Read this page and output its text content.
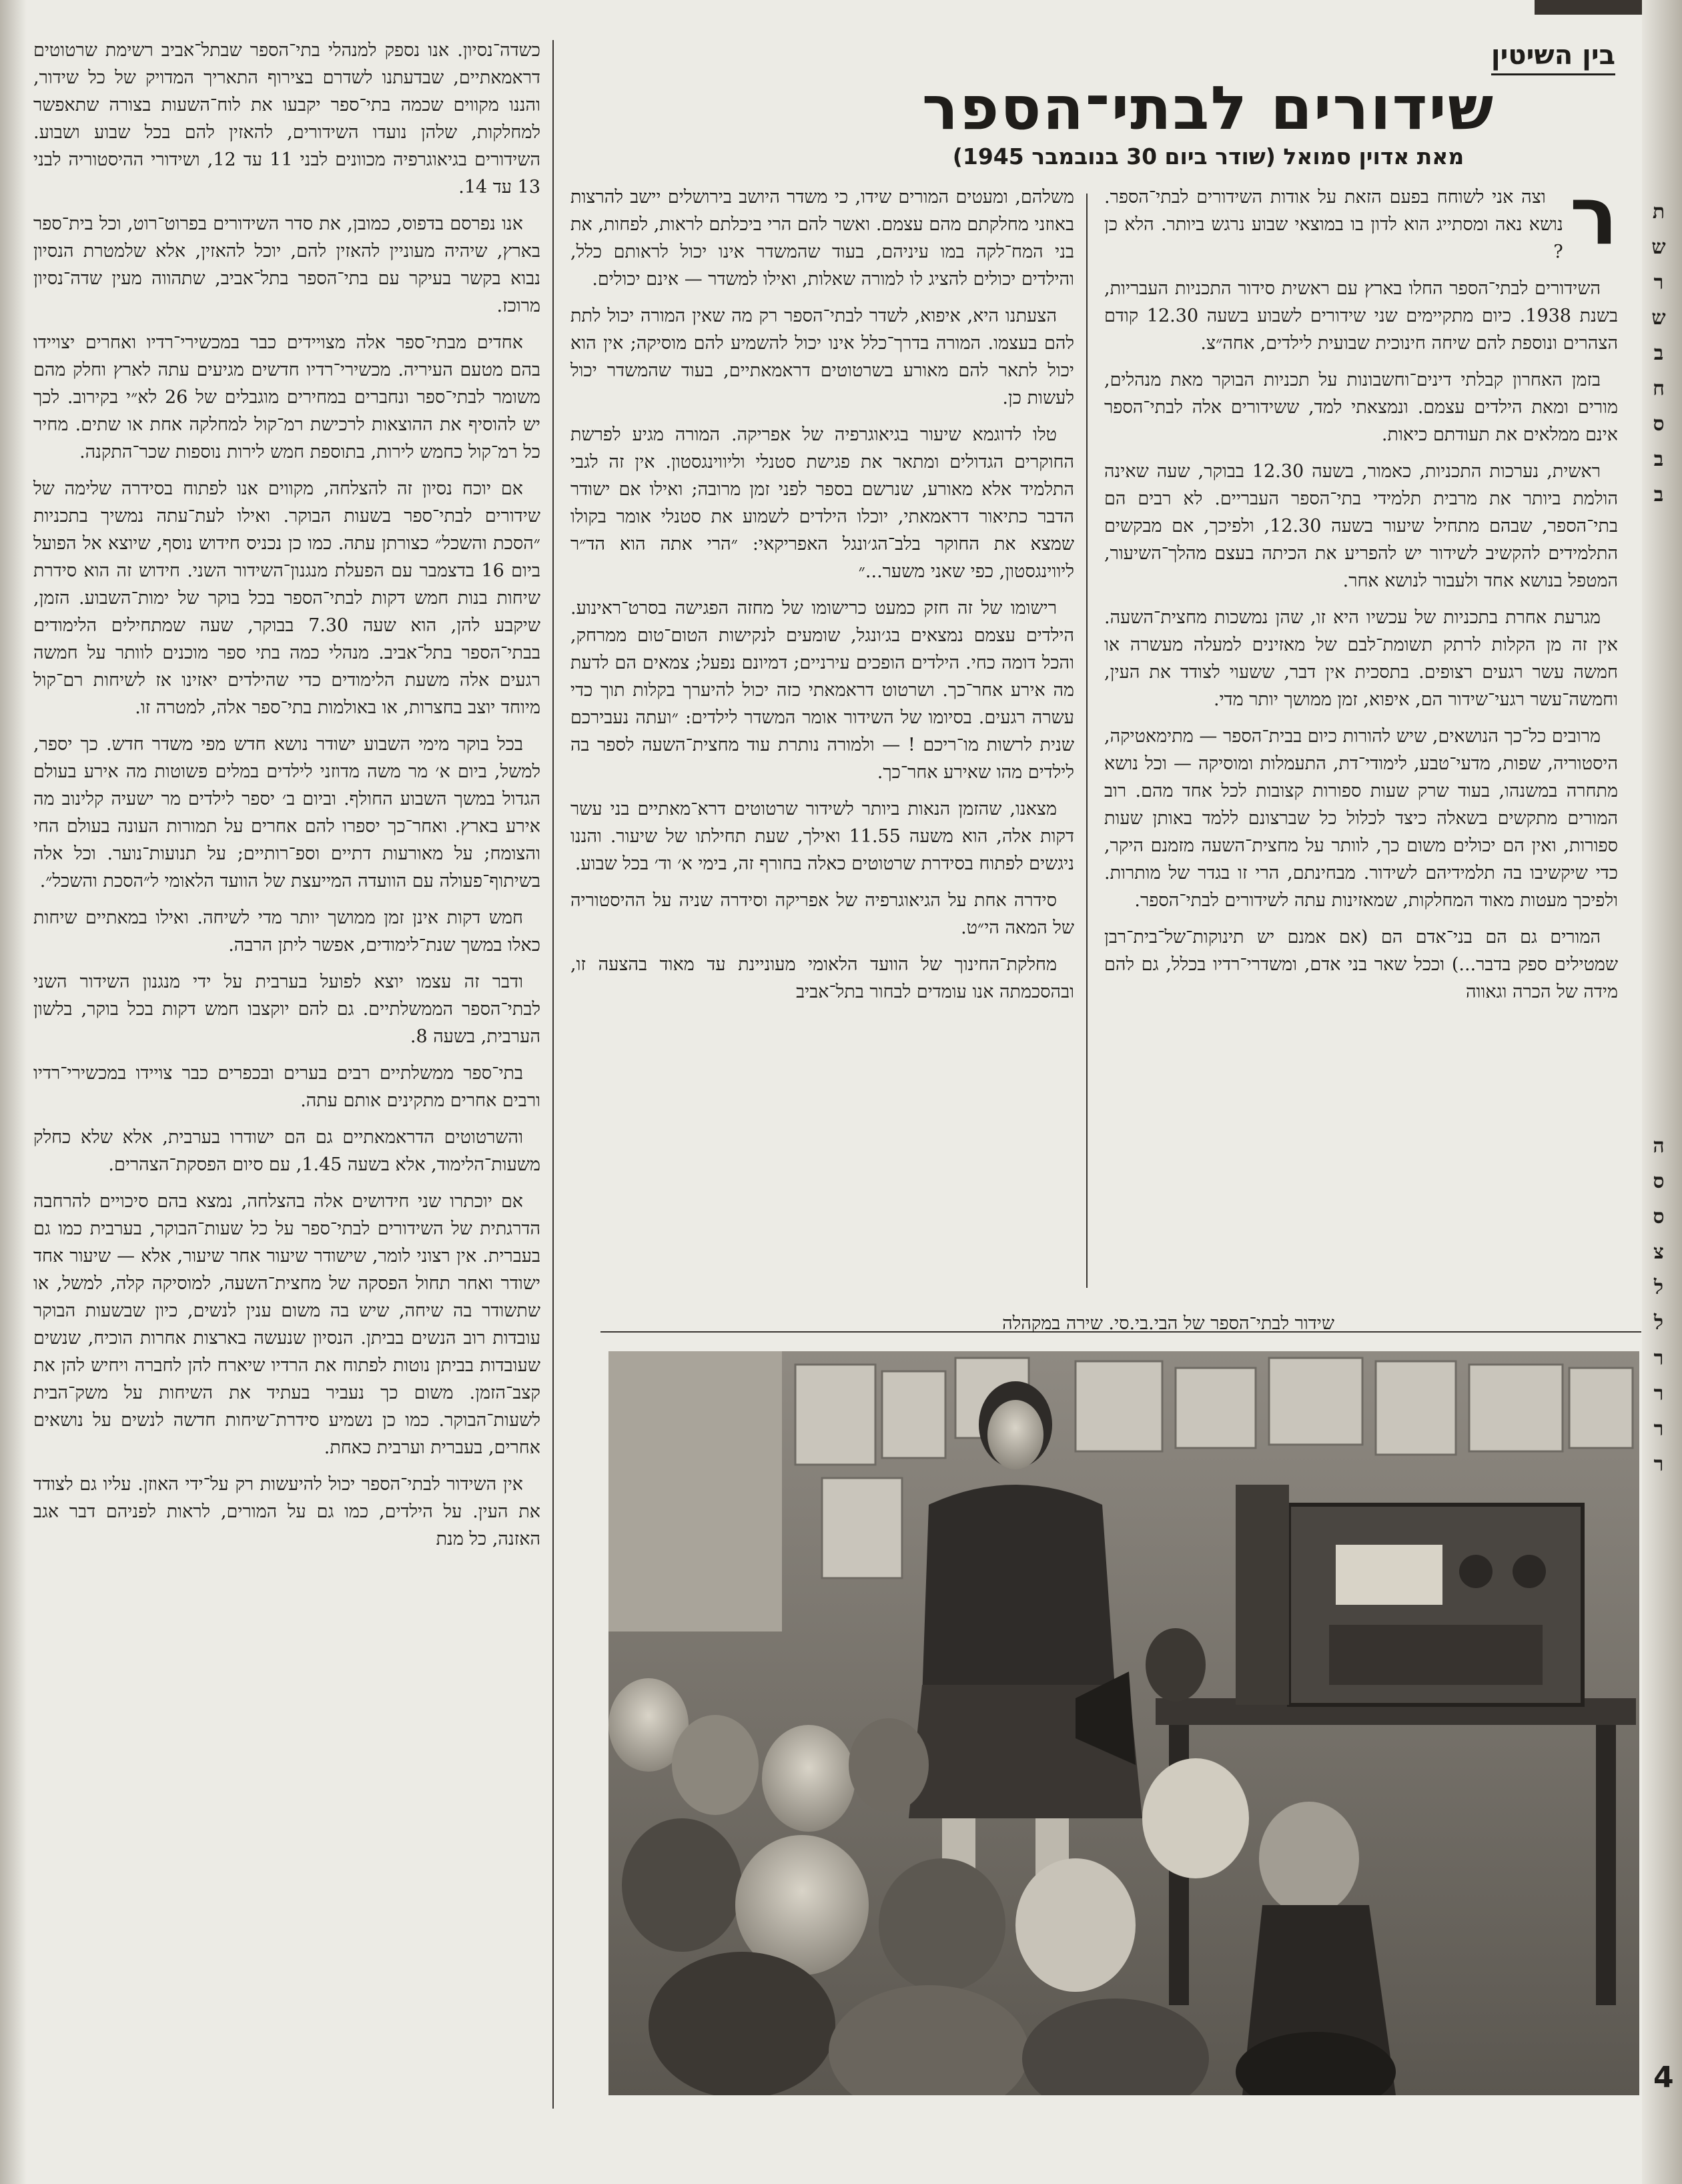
ת
ש
ר
ש
ב
ח
ס
ב
ב
ה
ס
ס
צ
ל
ל
ר
ר
ר
ר
בין השיטין
שידורים לבתי־הספר
מאת אדוין סמואל (שודר ביום 30 בנובמבר 1945)
ר

וצה אני לשוחח בפעם הזאת על אודות השידורים לבתי־הספר. נושא נאה ומסתייג הוא לדון בו במוצאי שבוע נרגש ביותר. הלא כן ?

השידורים לבתי־הספר החלו בארץ עם ראשית סידור התכניות העבריות, בשנת 1938. כיום מתקיימים שני שידורים לשבוע בשעה 12.30 קודם הצהרים ונוספת להם שיחה חינוכית שבועית לילדים, אחה״צ.

בזמן האחרון קבלתי דינים־וחשבונות על תכניות הבוקר מאת מנהלים, מורים ומאת הילדים עצמם. ונמצאתי למד, ששידורים אלה לבתי־הספר אינם ממלאים את תעודתם כיאות.

ראשית, נערכות התכניות, כאמור, בשעה 12.30 בבוקר, שעה שאינה הולמת ביותר את מרבית תלמידי בתי־הספר העבריים. לא רבים הם בתי־הספר, שבהם מתחיל שיעור בשעה 12.30, ולפיכך, אם מבקשים התלמידים להקשיב לשידור יש להפריע את הכיתה בעצם מהלך־השיעור, המטפל בנושא אחד ולעבור לנושא אחר.

מגרעת אחרת בתכניות של עכשיו היא זו, שהן נמשכות מחצית־השעה. אין זה מן הקלות לרתק תשומת־לבם של מאזינים למעלה מעשרה או חמשה עשר רגעים רצופים. בתסכית אין דבר, ששעוי לצודד את העין, וחמשה־עשר רגעי־שידור הם, איפוא, זמן ממושך יותר מדי.

מרובים כל־כך הנושאים, שיש להורות כיום בבית־הספר — מתימאטיקה, היסטוריה, שפות, מדעי־טבע, לימודי־דת, התעמלות ומוסיקה — וכל נושא מתחרה במשנהו, בעוד שרק שעות ספורות קצובות לכל אחד מהם. רוב המורים מתקשים בשאלה כיצד לכלול כל שברצונם ללמד באותן שעות ספורות, ואין הם יכולים משום כך, לוותר על מחצית־השעה מזמנם היקר, כדי שיקשיבו בה תלמידיהם לשידור. מבחינתם, הרי זו בגדר של מותרות. ולפיכך מעטות מאוד המחלקות, שמאזינות עתה לשידורים לבתי־הספר.

המורים גם הם בני־אדם הם (אם אמנם יש תינוקות־של־בית־רבן שמטילים ספק בדבר...) וככל שאר בני אדם, ומשדרי־רדיו בכלל, גם להם מידה של הכרה וגאווה

משלהם, ומעטים המורים שידו, כי משדר היושב בירושלים יישב להרצות באוזני מחלקתם מהם עצמם. ואשר להם הרי ביכלתם לראות, לפחות, את בני המח־לקה במו עיניהם, בעוד שהמשדר אינו יכול לראותם כלל, והילדים יכולים להציג לו למורה שאלות, ואילו למשדר — אינם יכולים.

הצעתנו היא, איפוא, לשדר לבתי־הספר רק מה שאין המורה יכול לתת להם בעצמו. המורה בדרך־כלל אינו יכול להשמיע להם מוסיקה; אין הוא יכול לתאר להם מאורע בשרטוטים דראמאתיים, בעוד שהמשדר יכול לעשות כן.

טלו לדוגמא שיעור בגיאוגרפיה של אפריקה. המורה מגיע לפרשת החוקרים הגדולים ומתאר את פגישת סטנלי וליווינגסטון. אין זה לגבי התלמיד אלא מאורע, שנרשם בספר לפני זמן מרובה; ואילו אם ישודר הדבר כתיאור דראמאתי, יוכלו הילדים לשמוע את סטנלי אומר בקולו שמצא את החוקר בלב־הג׳ונגל האפריקאי: ״הרי אתה הוא הד״ר ליווינגסטון, כפי שאני משער...״

רישומו של זה חזק כמעט כרישומו של מחזה הפגישה בסרט־ראינוע. הילדים עצמם נמצאים בג׳ונגל, שומעים לנקישות הטום־טום ממרחק, והכל דומה כחי. הילדים הופכים עירניים; דמיונם נפעל; צמאים הם לדעת מה אירע אחר־כך. ושרטוט דראמאתי כזה יכול להיערך בקלות תוך כדי עשרה רגעים. בסיומו של השידור אומר המשדר לילדים: ״ועתה נעבירכם שנית לרשות מו־ריכם ! — ולמורה נותרת עוד מחצית־השעה לספר בה לילדים מהו שאירע אחר־כך.

מצאנו, שהזמן הנאות ביותר לשידור שרטוטים דרא־מאתיים בני עשר דקות אלה, הוא משעה 11.55 ואילך, שעת תחילתו של שיעור. והננו ניגשים לפתוח בסידרת שרטוטים כאלה בחורף זה, בימי א׳ וד׳ בכל שבוע.

סידרה אחת על הגיאוגרפיה של אפריקה וסידרה שניה על ההיסטוריה של המאה הי״ט.

מחלקת־החינוך של הוועד הלאומי מעוניינת עד מאוד בהצעה זו, ובהסכמתה אנו עומדים לבחור בתל־אביב

כשדה־נסיון. אנו נספק למנהלי בתי־הספר שבתל־אביב רשימת שרטוטים דראמאתיים, שבדעתנו לשדרם בצירוף התאריך המדויק של כל שידור, והננו מקווים שכמה בתי־ספר יקבעו את לוח־השעות בצורה שתאפשר למחלקות, שלהן נועדו השידורים, להאזין להם בכל שבוע ושבוע. השידורים בגיאוגרפיה מכוונים לבני 11 עד 12, ושידורי ההיסטוריה לבני 13 עד 14.

אנו נפרסם בדפוס, כמובן, את סדר השידורים בפרוט־רוט, וכל בית־ספר בארץ, שיהיה מעוניין להאזין להם, יוכל להאזין, אלא שלמטרת הנסיון נבוא בקשר בעיקר עם בתי־הספר בתל־אביב, שתהווה מעין שדה־נסיון מרוכז.

אחדים מבתי־ספר אלה מצויידים כבר במכשירי־רדיו ואחרים יצויידו בהם מטעם העיריה. מכשירי־רדיו חדשים מגיעים עתה לארץ וחלק מהם משומר לבתי־ספר ונחברים במחירים מוגבלים של 26 לא״י בקירוב. לכך יש להוסיף את ההוצאות לרכישת רמ־קול למחלקה אחת או שתים. מחיר כל רמ־קול כחמש לירות, בתוספת חמש לירות נוספות שכר־התקנה.

אם יוכח נסיון זה להצלחה, מקווים אנו לפתוח בסידרה שלימה של שידורים לבתי־ספר בשעות הבוקר. ואילו לעת־עתה נמשיך בתכניות ״הסכת והשכל״ כצורתן עתה. כמו כן נכניס חידוש נוסף, שיוצא אל הפועל ביום 16 בדצמבר עם הפעלת מנגנון־השידור השני. חידוש זה הוא סידרת שיחות בנות חמש דקות לבתי־הספר בכל בוקר של ימות־השבוע. הזמן, שיקבע להן, הוא שעה 7.30 בבוקר, שעה שמתחילים הלימודים בבתי־הספר בתל־אביב. מנהלי כמה בתי ספר מוכנים לוותר על חמשה רגעים אלה משעת הלימודים כדי שהילדים יאזינו אז לשיחות רם־קול מיוחד יוצב בחצרות, או באולמות בתי־ספר אלה, למטרה זו.

בכל בוקר מימי השבוע ישודר נושא חדש מפי משדר חדש. כך יספר, למשל, ביום א׳ מר משה מדוזני לילדים במלים פשוטות מה אירע בעולם הגדול במשך השבוע החולף. וביום ב׳ יספר לילדים מר ישעיה קלינוב מה אירע בארץ. ואחר־כך יספרו להם אחרים על תמורות העונה בעולם החי והצומח; על מאורעות דתיים וספ־רותיים; על תנועות־נוער. וכל אלה בשיתוף־פעולה עם הוועדה המייעצת של הוועד הלאומי ל״הסכת והשכל״.

חמש דקות אינן זמן ממושך יותר מדי לשיחה. ואילו במאתיים שיחות כאלו במשך שנת־לימודים, אפשר ליתן הרבה.

ודבר זה עצמו יוצא לפועל בערבית על ידי מנגנון השידור השני לבתי־הספר הממשלתיים. גם להם יוקצבו חמש דקות בכל בוקר, בלשון הערבית, בשעה 8.

בתי־ספר ממשלתיים רבים בערים ובכפרים כבר צויידו במכשירי־רדיו ורבים אחרים מתקינים אותם עתה.

והשרטוטים הדראמאתיים גם הם ישודרו בערבית, אלא שלא כחלק משעות־הלימוד, אלא בשעה 1.45, עם סיום הפסקת־הצהרים.

אם יוכתרו שני חידושים אלה בהצלחה, נמצא בהם סיכויים להרחבה הדרגתית של השידורים לבתי־ספר על כל שעות־הבוקר, בערבית כמו גם בעברית. אין רצוני לומר, שישודר שיעור אחר שיעור, אלא — שיעור אחד ישודר ואחר תחול הפסקה של מחצית־השעה, למוסיקה קלה, למשל, או שתשודר בה שיחה, שיש בה משום ענין לנשים, כיון שבשעות הבוקר עובדות רוב הנשים בביתן. הנסיון שנעשה בארצות אחרות הוכיח, שנשים שעובדות בביתן נוטות לפתוח את הרדיו שיארח להן לחברה ויחיש להן את קצב־הזמן. משום כך נעביר בעתיד את השיחות על משק־הבית לשעות־הבוקר. כמו כן נשמיע סידרת־שיחות חדשה לנשים על נושאים אחרים, בעברית וערבית כאחת.

אין השידור לבתי־הספר יכול להיעשות רק על־ידי האוזן. עליו גם לצודד את העין. על הילדים, כמו גם על המורים, לראות לפניהם דבר אגב האזנה, כל מנת

שידור לבתי־הספר של הבי.בי.סי. שירה במקהלה
4
